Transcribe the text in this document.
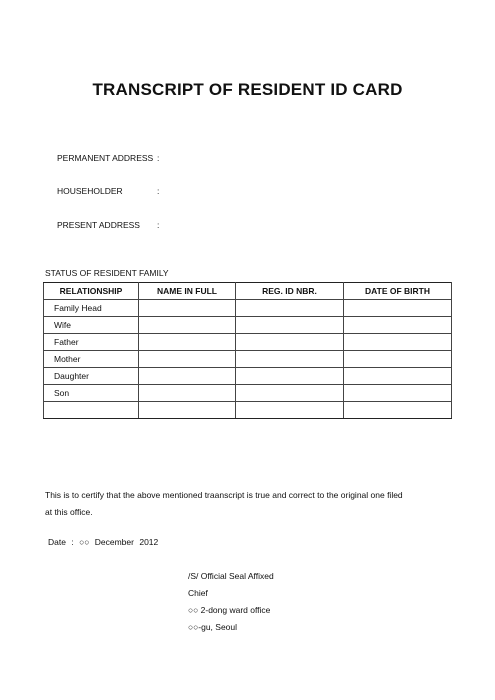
TRANSCRIPT OF RESIDENT ID CARD
PERMANENT ADDRESS :
HOUSEHOLDER	:
PRESENT ADDRESS :
STATUS OF RESIDENT FAMILY
RELATIONSHIP	NAME IN FULL	REG. ID NBR.	DATE OF BIRTH
Family Head			
Wife			
Father			
Mother			
Daughter			
Son			

This is to certify that the above mentioned traanscript is true and correct to the original one filed
at this office.
Date : ○○ December 2012
/S/ Official Seal Affixed
Chief
○○ 2-dong ward office
○○-gu, Seoul
